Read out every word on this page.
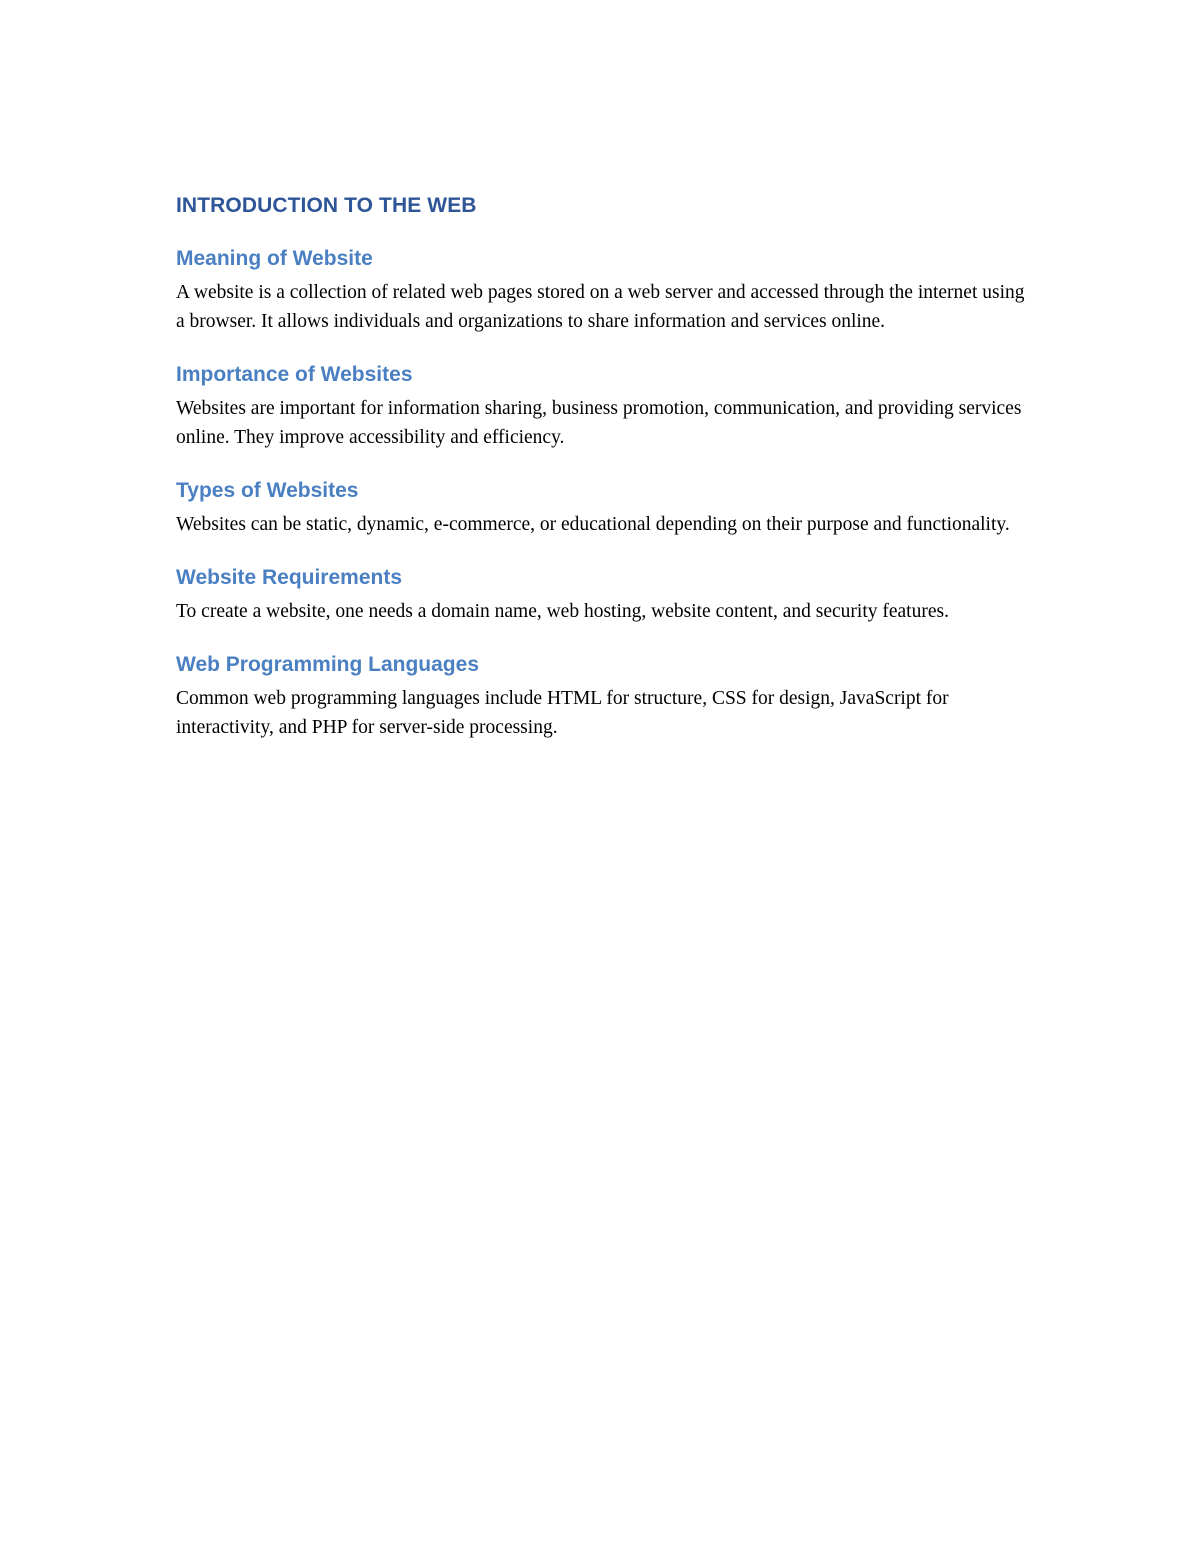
INTRODUCTION TO THE WEB
Meaning of Website

A website is a collection of related web pages stored on a web server and accessed through the internet using a browser. It allows individuals and organizations to share information and services online.

Importance of Websites

Websites are important for information sharing, business promotion, communication, and providing services online. They improve accessibility and efficiency.

Types of Websites

Websites can be static, dynamic, e-commerce, or educational depending on their purpose and functionality.

Website Requirements

To create a website, one needs a domain name, web hosting, website content, and security features.

Web Programming Languages

Common web programming languages include HTML for structure, CSS for design, JavaScript for interactivity, and PHP for server-side processing.
